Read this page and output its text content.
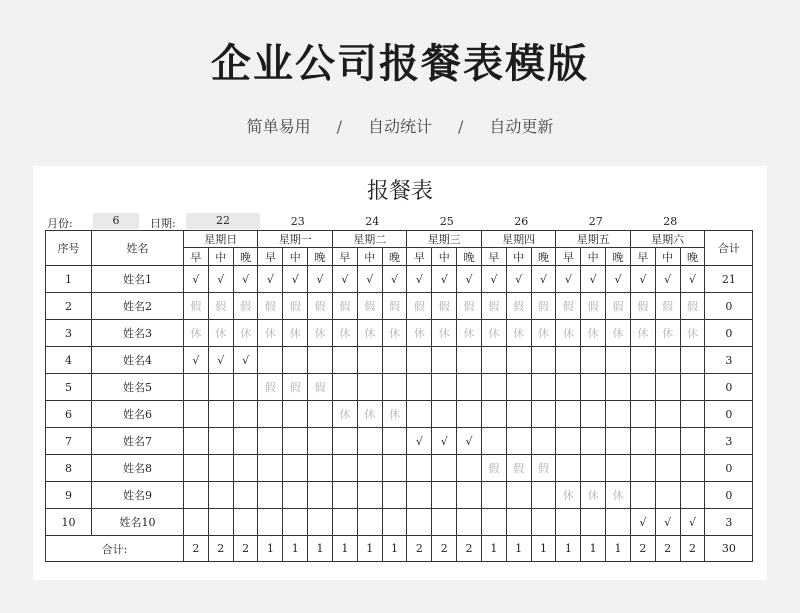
企业公司报餐表模版
简单易用 / 自动统计 / 自动更新
报餐表
月份:	6	日期:	22	23	24	25	26	27	28
序号	姓名	星期日			星期一			星期二			星期三			星期四			星期五			星期六			合计
		早	中	晚	早	中	晚	早	中	晚	早	中	晚	早	中	晚	早	中	晚	早	中	晚	
1	姓名1	√	√	√	√	√	√	√	√	√	√	√	√	√	√	√	√	√	√	√	√	√	21
2	姓名2	假	假	假	假	假	假	假	假	假	假	假	假	假	假	假	假	假	假	假	假	假	0
3	姓名3	休	休	休	休	休	休	休	休	休	休	休	休	休	休	休	休	休	休	休	休	休	0
4	姓名4	√	√	√																			3
5	姓名5				假	假	假																0
6	姓名6							休	休	休													0
7	姓名7										√	√	√										3
8	姓名8													假	假	假							0
9	姓名9																休	休	休				0
10	姓名10																			√	√	√	3
合计:		2	2	2	1	1	1	1	1	1	2	2	2	1	1	1	1	1	1	2	2	2	30
